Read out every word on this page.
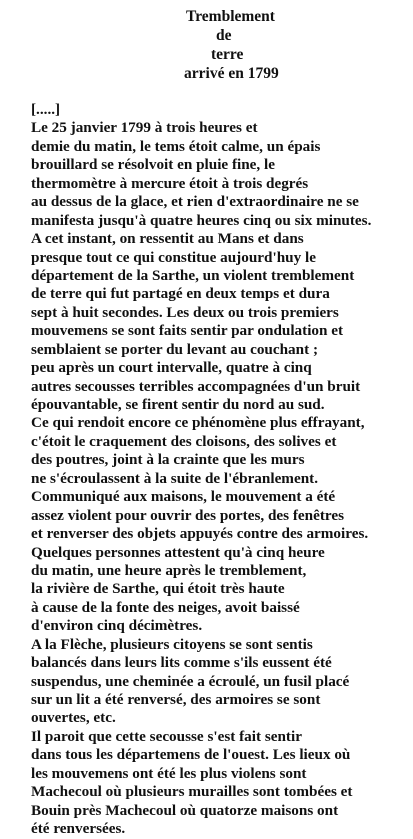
Tremblement
de
terre
arrivé en 1799
[.....]
Le 25 janvier 1799 à trois heures et
demie du matin, le tems étoit calme, un épais
brouillard se résolvoit en pluie fine, le
thermomètre à mercure étoit à trois degrés
au dessus de la glace, et rien d'extraordinaire ne se
manifesta jusqu'à quatre heures cinq ou six minutes.
A cet instant, on ressentit au Mans et dans
presque tout ce qui constitue aujourd'huy le
département de la Sarthe, un violent tremblement
de terre qui fut partagé en deux temps et dura
sept à huit secondes. Les deux ou trois premiers
mouvemens se sont faits sentir par ondulation et
semblaient se porter du levant au couchant ;
peu après un court intervalle, quatre à cinq
autres secousses terribles accompagnées d'un bruit
épouvantable, se firent sentir du nord au sud.
Ce qui rendoit encore ce phénomène plus effrayant,
c'étoit le craquement des cloisons, des solives et
des poutres, joint à la crainte que les murs
ne s'écroulassent à la suite de l'ébranlement.
Communiqué aux maisons, le mouvement a été
assez violent pour ouvrir des portes, des fenêtres
et renverser des objets appuyés contre des armoires.
Quelques personnes attestent qu'à cinq heure
du matin, une heure après le tremblement,
la rivière de Sarthe, qui étoit très haute
à cause de la fonte des neiges, avoit baissé
d'environ cinq décimètres.
A la Flèche, plusieurs citoyens se sont sentis
balancés dans leurs lits comme s'ils eussent été
suspendus, une cheminée a écroulé, un fusil placé
sur un lit a été renversé, des armoires se sont
ouvertes, etc.
Il paroit que cette secousse s'est fait sentir
dans tous les départemens de l'ouest. Les lieux où
les mouvemens ont été les plus violens sont
Machecoul où plusieurs murailles sont tombées et
Bouin près Machecoul où quatorze maisons ont
été renversées.
